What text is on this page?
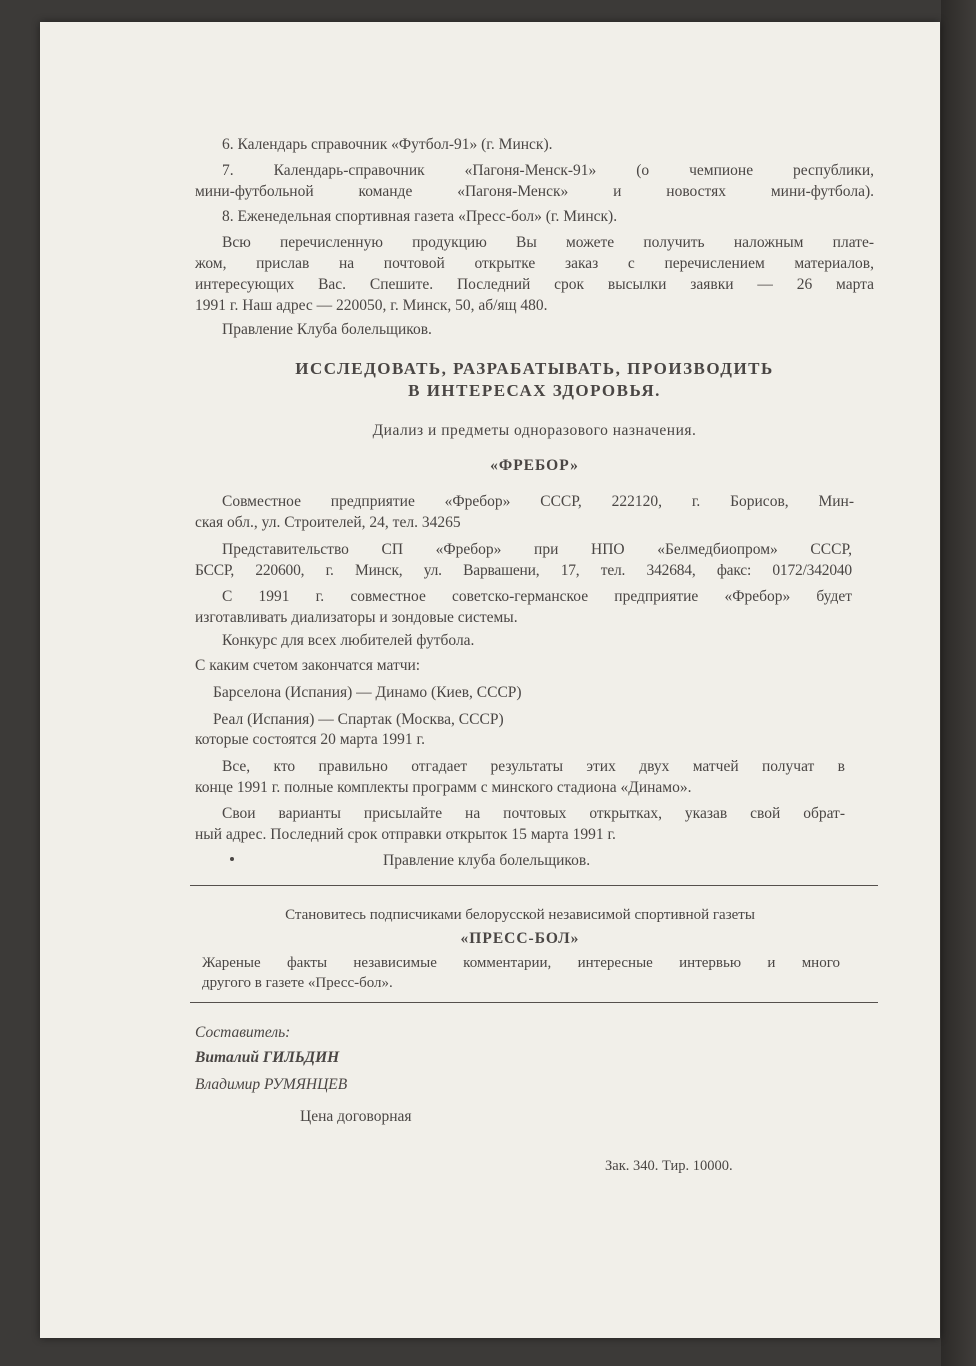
6. Календарь справочник «Футбол-91» (г. Минск).

7. Календарь-справочник «Пагоня-Менск-91» (о чемпионе республики,

мини-футбольной команде «Пагоня-Менск» и новостях мини-футбола).

8. Еженедельная спортивная газета «Пресс-бол» (г. Минск).

Всю перечисленную продукцию Вы можете получить наложным плате-

жом, прислав на почтовой открытке заказ с перечислением материалов,

интересующих Вас. Спешите. Последний срок высылки заявки — 26 марта

1991 г. Наш адрес — 220050, г. Минск, 50, аб/ящ 480.

Правление Клуба болельщиков.

ИССЛЕДОВАТЬ, РАЗРАБАТЫВАТЬ, ПРОИЗВОДИТЬ

В ИНТЕРЕСАХ ЗДОРОВЬЯ.

Диализ и предметы одноразового назначения.

«ФРЕБОР»

Совместное предприятие «Фребор» СССР, 222120, г. Борисов, Мин-

ская обл., ул. Строителей, 24, тел. 34265

Представительство СП «Фребор» при НПО «Белмедбиопром» СССР,

БССР, 220600, г. Минск, ул. Варвашени, 17, тел. 342684, факс: 0172/342040

С 1991 г. совместное советско-германское предприятие «Фребор» будет

изготавливать диализаторы и зондовые системы.

Конкурс для всех любителей футбола.

С каким счетом закончатся матчи:

Барселона (Испания) — Динамо (Киев, СССР)

Реал (Испания) — Спартак (Москва, СССР)

которые состоятся 20 марта 1991 г.

Все, кто правильно отгадает результаты этих двух матчей получат в

конце 1991 г. полные комплекты программ с минского стадиона «Динамо».

Свои варианты присылайте на почтовых открытках, указав свой обрат-

ный адрес. Последний срок отправки открыток 15 марта 1991 г.

Правление клуба болельщиков.

Становитесь подписчиками белорусской независимой спортивной газеты

«ПРЕСС-БОЛ»

Жареные факты независимые комментарии, интересные интервью и много

другого в газете «Пресс-бол».

Составитель:

Виталий ГИЛЬДИН

Владимир РУМЯНЦЕВ

Цена договорная

Зак. 340. Тир. 10000.
